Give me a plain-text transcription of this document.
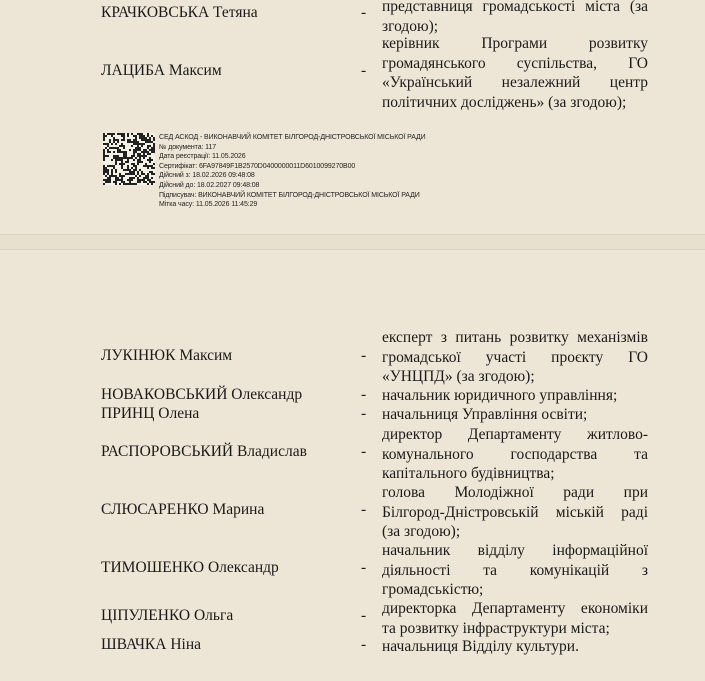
КРАЧКОВСЬКА Тетяна	- представниця громадськості міста (за
згодою);
ЛАЦИБА Максим	-
керівник Програми розвитку
громадянського суспільства, ГО
«Український незалежний центр
політичних досліджень» (за згодою);
СЕД АСКОД - ВИКОНАВЧИЙ КОМІТЕТ БІЛГОРОД-ДНІСТРОВСЬКОЇ МІСЬКОЇ РАДИ
№ документа: 117
Дата реєстрації: 11.05.2026
Сертифікат: 6FA97849F1B2570D0400000011D6010099270B00
Дійсний з: 18.02.2026 09:48:08
Дійсний до: 18.02.2027 09:48:08
Підписувач: ВИКОНАВЧИЙ КОМІТЕТ БІЛГОРОД-ДНІСТРОВСЬКОЇ МІСЬКОЇ РАДИ
Мітка часу: 11.05.2026 11:45:29
ЛУКІНЮК Максим	-
експерт з питань розвитку механізмів
громадської участі проєкту ГО
«УНЦПД» (за згодою);
НОВАКОВСЬКИЙ Олександр	- начальник юридичного управління;
ПРИНЦ Олена	- начальниця Управління освіти;
РАСПОРОВСЬКИЙ Владислав	-
директор Департаменту житлово-
комунального господарства та
капітального будівництва;
СЛЮСАРЕНКО Марина	-
голова Молодіжної ради при
Білгород-Дністровській міській раді
(за згодою);
ТИМОШЕНКО Олександр	-
начальник відділу інформаційної
діяльності та комунікацій з
громадськістю;
ЦІПУЛЕНКО Ольга	- директорка Департаменту економіки
та розвитку інфраструктури міста;
ШВАЧКА Ніна	- начальниця Відділу культури.
